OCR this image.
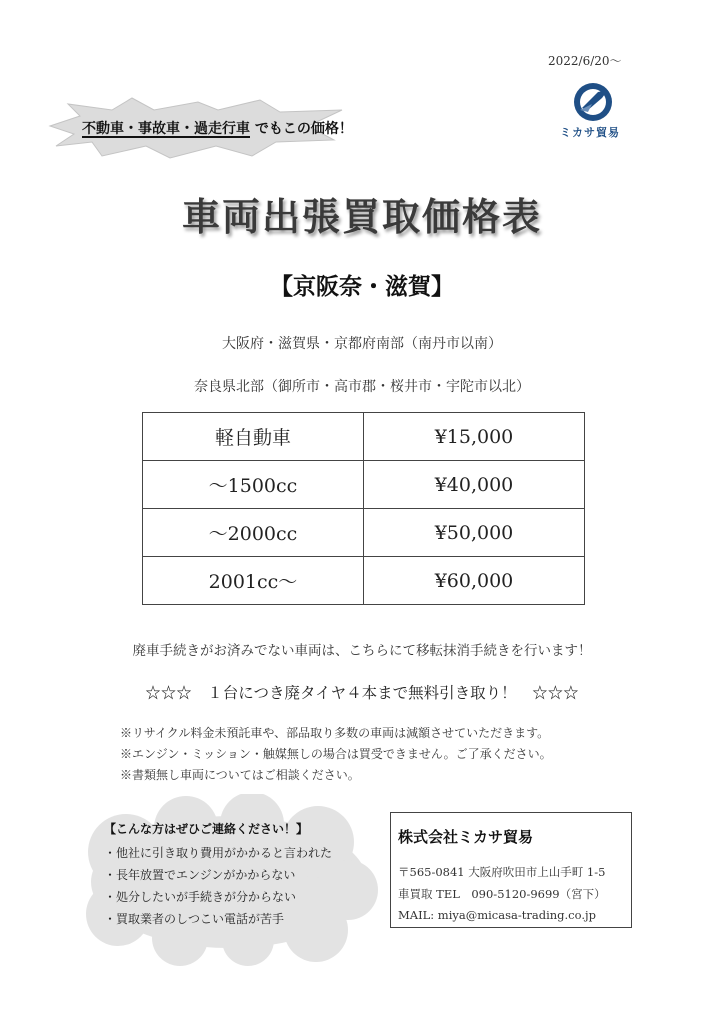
2022/6/20～
ミカサ貿易
不動車・事故車・過走行車 でもこの価格！
車両出張買取価格表
【京阪奈・滋賀】
大阪府・滋賀県・京都府南部（南丹市以南）
奈良県北部（御所市・高市郡・桜井市・宇陀市以北）
軽自動車	¥15,000
～1500cc	¥40,000
～2000cc	¥50,000
2001cc～	¥60,000
廃車手続きがお済みでない車両は、こちらにて移転抹消手続きを行います！
☆☆☆　１台につき廃タイヤ４本まで無料引き取り！　☆☆☆
※リサイクル料金未預託車や、部品取り多数の車両は減額させていただきます。
※エンジン・ミッション・触媒無しの場合は買受できません。ご了承ください。
※書類無し車両についてはご相談ください。
【こんな方はぜひご連絡ください！】
・他社に引き取り費用がかかると言われた
・長年放置でエンジンがかからない
・処分したいが手続きが分からない
・買取業者のしつこい電話が苦手
株式会社ミカサ貿易
〒565-0841 大阪府吹田市上山手町 1-5
車買取 TEL　090-5120-9699（宮下）
MAIL: miya@micasa-trading.co.jp
